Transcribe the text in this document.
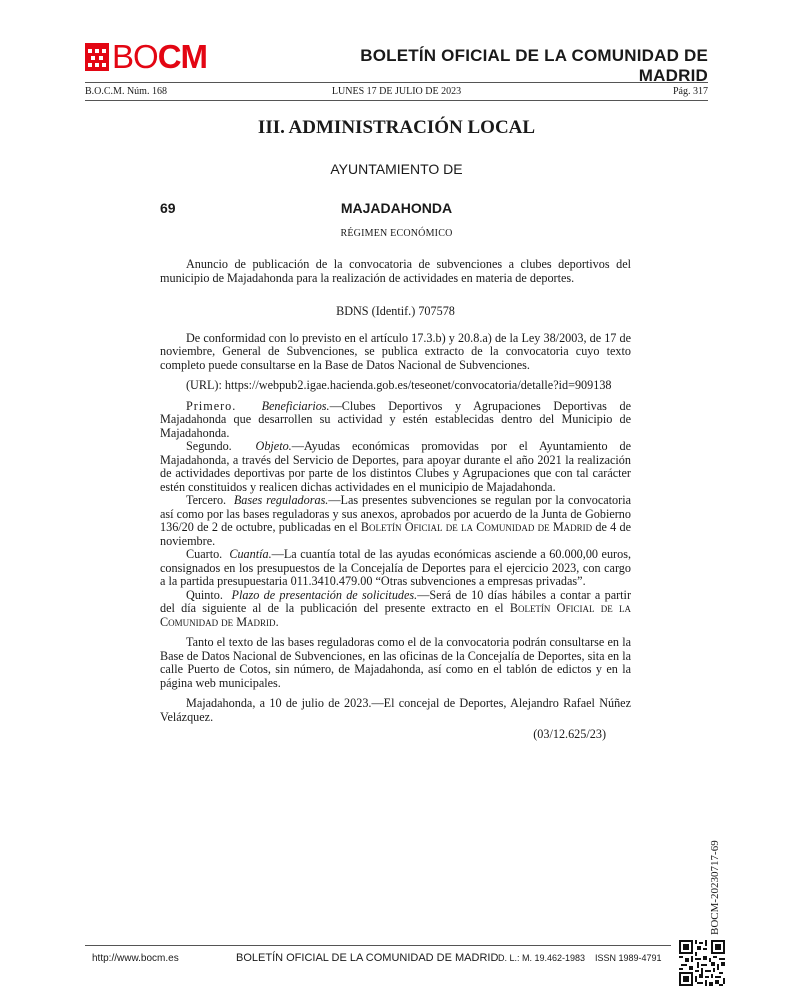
BOCM	BOLETÍN OFICIAL DE LA COMUNIDAD DE MADRID
B.O.C.M. Núm. 168	LUNES 17 DE JULIO DE 2023	Pág. 317
III. ADMINISTRACIÓN LOCAL
AYUNTAMIENTO DE
69	MAJADAHONDA
RÉGIMEN ECONÓMICO

Anuncio de publicación de la convocatoria de subvenciones a clubes deportivos del municipio de Majadahonda para la realización de actividades en materia de deportes.

BDNS (Identif.) 707578

De conformidad con lo previsto en el artículo 17.3.b) y 20.8.a) de la Ley 38/2003, de 17 de noviembre, General de Subvenciones, se publica extracto de la convocatoria cuyo texto completo puede consultarse en la Base de Datos Nacional de Subvenciones.

(URL): https://webpub2.igae.hacienda.gob.es/teseonet/convocatoria/detalle?id=909138

Primero. Beneficiarios.—Clubes Deportivos y Agrupaciones Deportivas de Majadahonda que desarrollen su actividad y estén establecidas dentro del Municipio de Majadahonda.

Segundo. Objeto.—Ayudas económicas promovidas por el Ayuntamiento de Majadahonda, a través del Servicio de Deportes, para apoyar durante el año 2021 la realización de actividades deportivas por parte de los distintos Clubes y Agrupaciones que con tal carácter estén constituidos y realicen dichas actividades en el municipio de Majadahonda.

Tercero. Bases reguladoras.—Las presentes subvenciones se regulan por la convocatoria así como por las bases reguladoras y sus anexos, aprobados por acuerdo de la Junta de Gobierno 136/20 de 2 de octubre, publicadas en el Boletín Oficial de la Comunidad de Madrid de 4 de noviembre.

Cuarto. Cuantía.—La cuantía total de las ayudas económicas asciende a 60.000,00 euros, consignados en los presupuestos de la Concejalía de Deportes para el ejercicio 2023, con cargo a la partida presupuestaria 011.3410.479.00 “Otras subvenciones a empresas privadas”.

Quinto. Plazo de presentación de solicitudes.—Será de 10 días hábiles a contar a partir del día siguiente al de la publicación del presente extracto en el Boletín Oficial de la Comunidad de Madrid.

Tanto el texto de las bases reguladoras como el de la convocatoria podrán consultarse en la Base de Datos Nacional de Subvenciones, en las oficinas de la Concejalía de Deportes, sita en la calle Puerto de Cotos, sin número, de Majadahonda, así como en el tablón de edictos y en la página web municipales.

Majadahonda, a 10 de julio de 2023.—El concejal de Deportes, Alejandro Rafael Núñez Velázquez.

(03/12.625/23)

BOCM-20230717-69
http://www.bocm.es	BOLETÍN OFICIAL DE LA COMUNIDAD DE MADRID D. L.: M. 19.462-1983 ISSN 1989-4791
